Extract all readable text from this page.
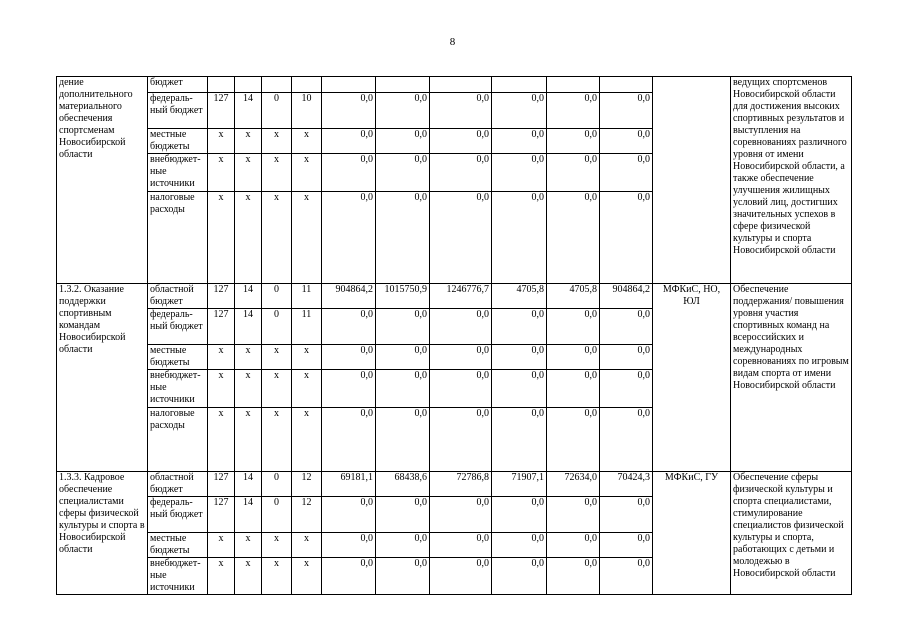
8
дение дополнительного материального обеспечения спортсменам Новосибирской области	бюджет												ведущих спортсменов Новосибирской области для достижения высоких спортивных результатов и выступления на соревнованиях различного уровня от имени Новосибирской области, а также обеспечение улучшения жилищных условий лиц, достигших значительных успехов в сфере физической культуры и спорта Новосибирской области
	федераль-ный бюджет	127	14	0	10	0,0	0,0	0,0	0,0	0,0	0,0		
	местные бюджеты	x	x	x	x	0,0	0,0	0,0	0,0	0,0	0,0		
	внебюджет-ные источники	x	x	x	x	0,0	0,0	0,0	0,0	0,0	0,0		
	налоговые расходы	x	x	x	x	0,0	0,0	0,0	0,0	0,0	0,0		
1.3.2. Оказание поддержки спортивным командам Новосибирской области	областной бюджет	127	14	0	11	904864,2	1015750,9	1246776,7	4705,8	4705,8	904864,2	МФКиС, НО, ЮЛ	Обеспечение поддержания/ повышения уровня участия спортивных команд на всероссийских и международных соревнованиях по игровым видам спорта от имени Новосибирской области
	федераль-ный бюджет	127	14	0	11	0,0	0,0	0,0	0,0	0,0	0,0		
	местные бюджеты	x	x	x	x	0,0	0,0	0,0	0,0	0,0	0,0		
	внебюджет-ные источники	x	x	x	x	0,0	0,0	0,0	0,0	0,0	0,0		
	налоговые расходы	x	x	x	x	0,0	0,0	0,0	0,0	0,0	0,0		
1.3.3. Кадровое обеспечение специалистами сферы физической культуры и спорта в Новосибирской области	областной бюджет	127	14	0	12	69181,1	68438,6	72786,8	71907,1	72634,0	70424,3	МФКиС, ГУ	Обеспечение сферы физической культуры и спорта специалистами, стимулирование специалистов физической культуры и спорта, работающих с детьми и молодежью в Новосибирской области
	федераль-ный бюджет	127	14	0	12	0,0	0,0	0,0	0,0	0,0	0,0		
	местные бюджеты	x	x	x	x	0,0	0,0	0,0	0,0	0,0	0,0		
	внебюджет-ные источники	x	x	x	x	0,0	0,0	0,0	0,0	0,0	0,0		
